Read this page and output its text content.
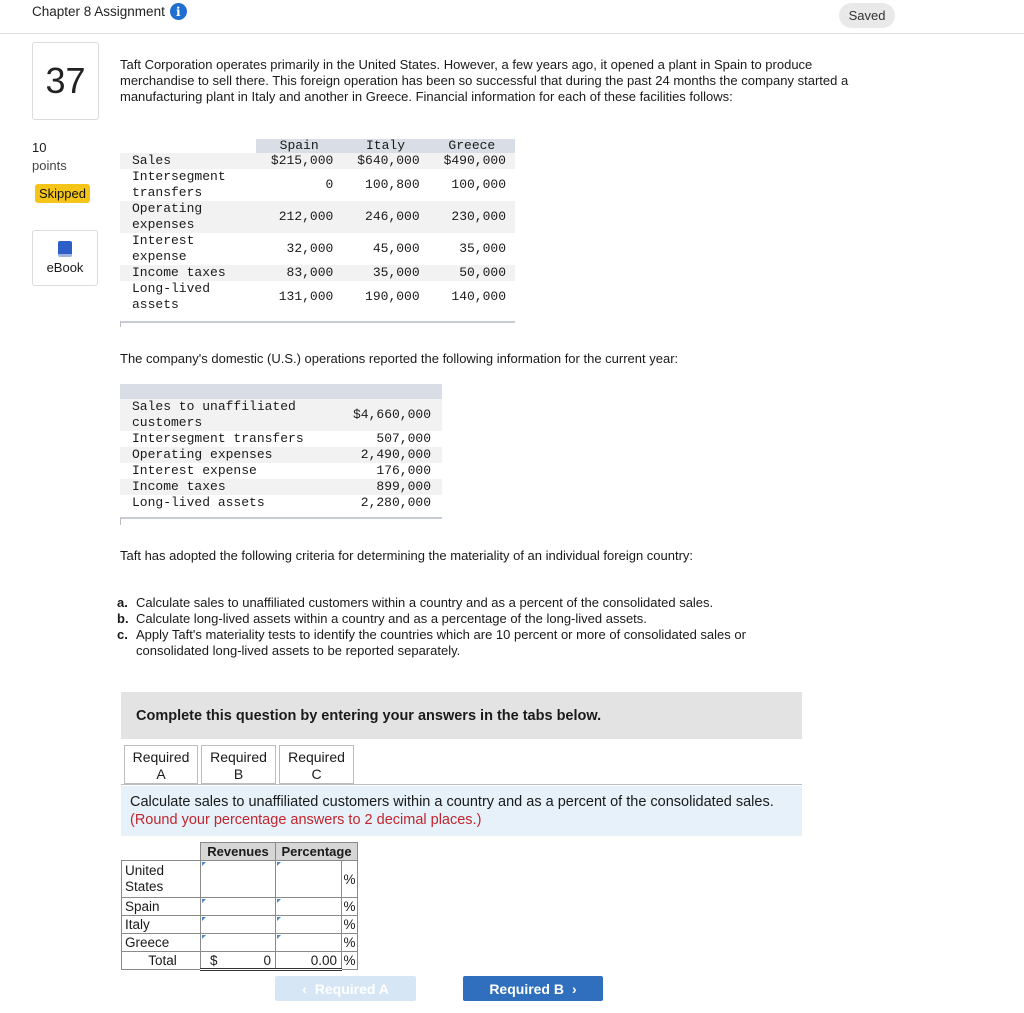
Chapter 8 Assignment i	Saved
37
10
points
Skipped
eBook
Taft Corporation operates primarily in the United States. However, a few years ago, it opened a plant in Spain to produce merchandise to sell there. This foreign operation has been so successful that during the past 24 months the company started a manufacturing plant in Italy and another in Greece. Financial information for each of these facilities follows:
	Spain	Italy	Greece
Sales	$215,000	$640,000	$490,000
Intersegment transfers	0	100,800	100,000
Operating expenses	212,000	246,000	230,000
Interest expense	32,000	45,000	35,000
Income taxes	83,000	35,000	50,000
Long-lived assets	131,000	190,000	140,000
The company's domestic (U.S.) operations reported the following information for the current year:
Sales to unaffiliated customers	$4,660,000
Intersegment transfers	507,000
Operating expenses	2,490,000
Interest expense	176,000
Income taxes	899,000
Long-lived assets	2,280,000
Taft has adopted the following criteria for determining the materiality of an individual foreign country:
a. Calculate sales to unaffiliated customers within a country and as a percent of the consolidated sales.
b. Calculate long-lived assets within a country and as a percentage of the long-lived assets.
c. Apply Taft's materiality tests to identify the countries which are 10 percent or more of consolidated sales or consolidated long-lived assets to be reported separately.
Complete this question by entering your answers in the tabs below.
Required
A
Required
B
Required
C
Calculate sales to unaffiliated customers within a country and as a percent of the consolidated sales. (Round your percentage answers to 2 decimal places.)
	Revenues	Percentage	
United States			%
Spain			%
Italy			%
Greece			%
Total	$ 0	0.00	%
‹ Required A	Required B ›
